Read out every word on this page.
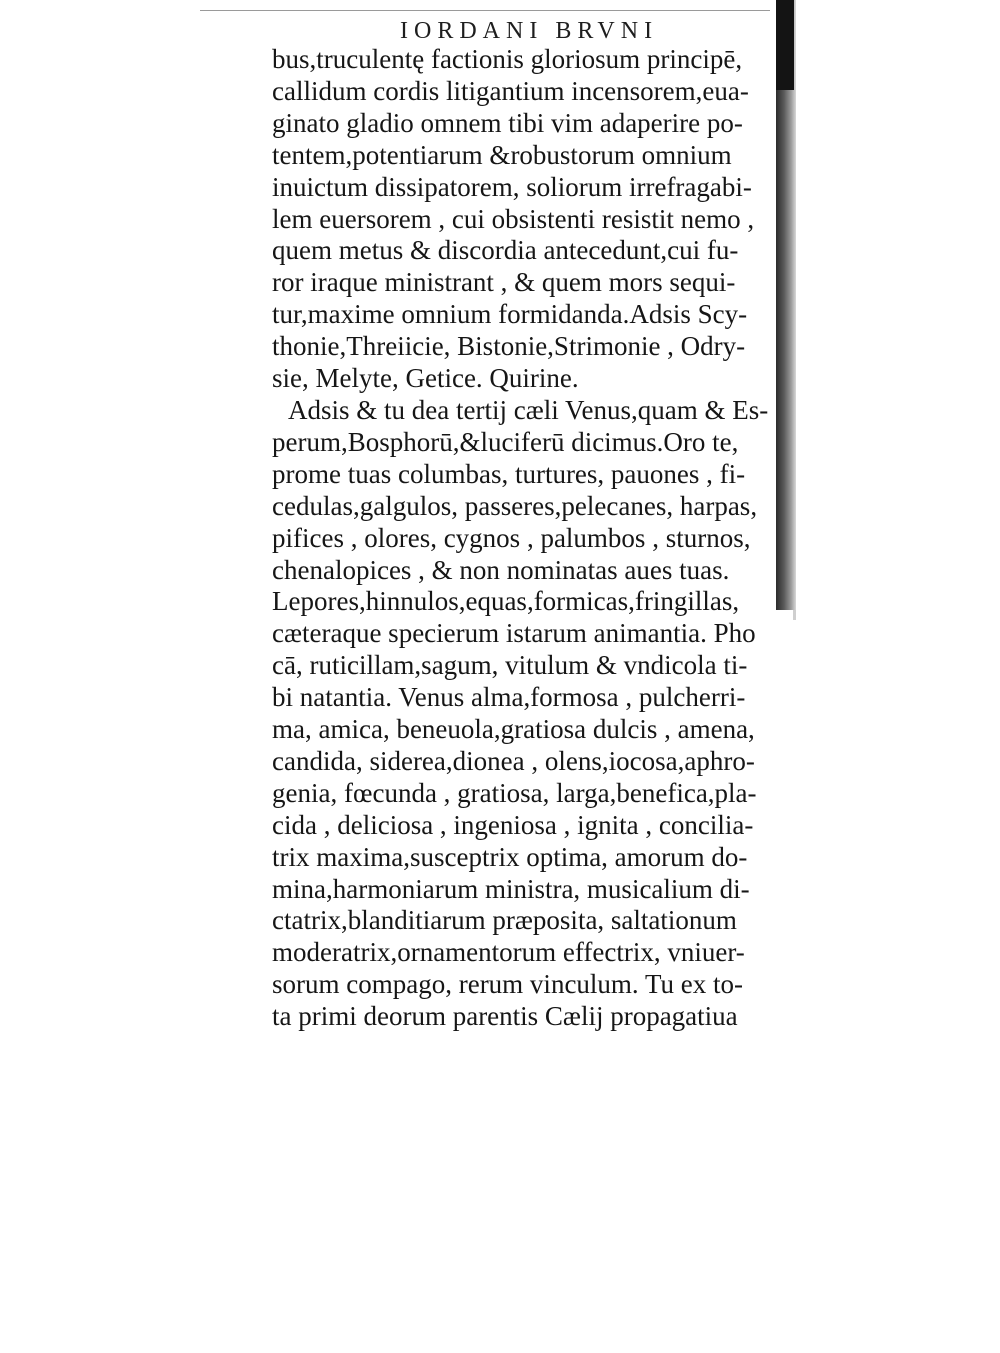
IORDANI BRVNI
bus,truculentę factionis gloriosum principē,
callidum cordis litigantium incensorem,eua-
ginato gladio omnem tibi vim adaperire po-
tentem,potentiarum &robustorum omnium
inuictum dissipatorem, soliorum irrefragabi-
lem euersorem , cui obsistenti resistit nemo ,
quem metus & discordia antecedunt,cui fu-
ror iraque ministrant , & quem mors sequi-
tur,maxime omnium formidanda.Adsis Scy-
thonie,Threiicie, Bistonie,Strimonie , Odry-
sie, Melyte, Getice. Quirine.
Adsis & tu dea tertij cæli Venus,quam & Es-
perum,Bosphorū,&luciferū dicimus.Oro te,
prome tuas columbas, turtures, pauones , fi-
cedulas,galgulos, passeres,pelecanes, harpas,
pifices , olores, cygnos , palumbos , sturnos,
chenalopices , & non nominatas aues tuas.
Lepores,hinnulos,equas,formicas,fringillas,
cæteraque specierum istarum animantia. Pho
cā, ruticillam,sagum, vitulum & vndicola ti-
bi natantia. Venus alma,formosa , pulcherri-
ma, amica, beneuola,gratiosa dulcis , amena,
candida, siderea,dionea , olens,iocosa,aphro-
genia, fœcunda , gratiosa, larga,benefica,pla-
cida , deliciosa , ingeniosa , ignita , concilia-
trix maxima,susceptrix optima, amorum do-
mina,harmoniarum ministra, musicalium di-
ctatrix,blanditiarum præposita, saltationum
moderatrix,ornamentorum effectrix, vniuer-
sorum compago, rerum vinculum. Tu ex to-
ta primi deorum parentis Cælij propagatiua
